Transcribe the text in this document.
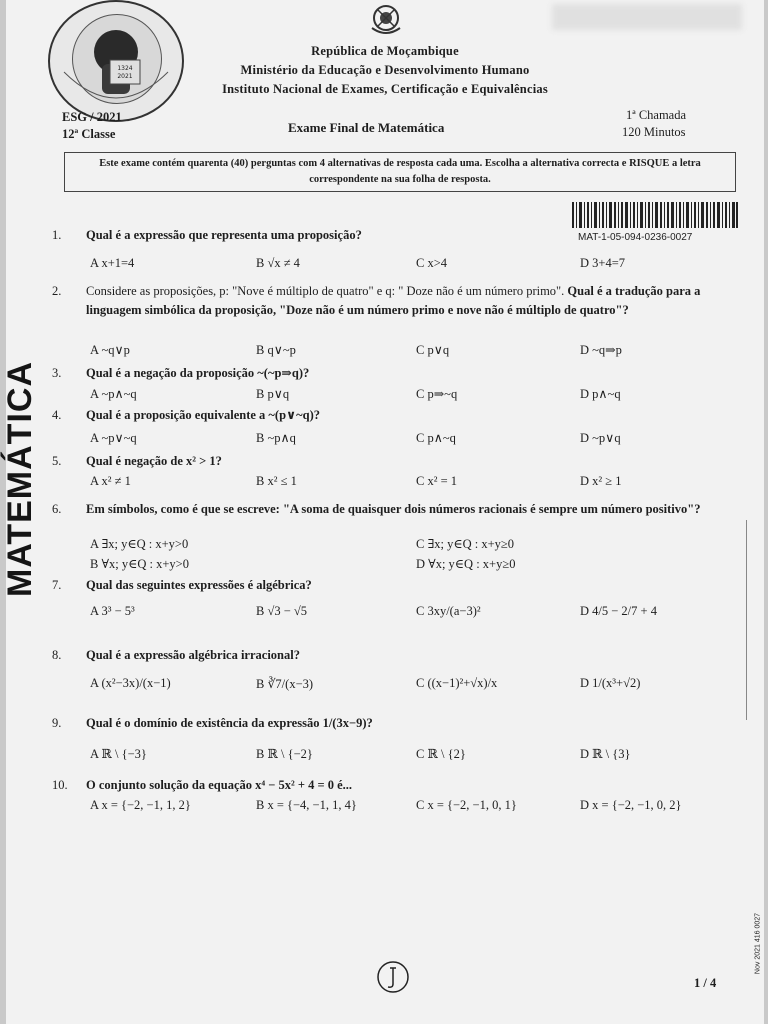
1324
2021
República de Moçambique
Ministério da Educação e Desenvolvimento Humano
Instituto Nacional de Exames, Certificação e Equivalências
ESG / 2021
12ª Classe	Exame Final de Matemática
1ª Chamada
120 Minutos
Este exame contém quarenta (40) perguntas com 4 alternativas de resposta cada uma. Escolha a alternativa correcta e RISQUE a letra correspondente na sua folha de resposta.
MAT-1-05-094-0236-0027
MATEMÁTICA
1. Qual é a expressão que representa uma proposição?
A x+1=4	B √x ≠ 4	C x>4	D 3+4=7
2. Considere as proposições, p: "Nove é múltiplo de quatro" e q: " Doze não é um número primo". Qual é a tradução para a linguagem simbólica da proposição, "Doze não é um número primo e nove não é múltiplo de quatro"?
A ~q∨p	B q∨~p	C p∨q	D ~q⇒p
3. Qual é a negação da proposição ~(~p⇒q)?
A ~p∧~q	B p∨q	C p⇒~q	D p∧~q
4. Qual é a proposição equivalente a ~(p∨~q)?
A ~p∨~q	B ~p∧q	C p∧~q	D ~p∨q
5. Qual é negação de x² > 1?
A x² ≠ 1	B x² ≤ 1	C x² = 1	D x² ≥ 1
6. Em símbolos, como é que se escreve: "A soma de quaisquer dois números racionais é sempre um número positivo"?
A ∃x; y∈Q : x+y>0	C ∃x; y∈Q : x+y≥0
B ∀x; y∈Q : x+y>0	D ∀x; y∈Q : x+y≥0
7. Qual das seguintes expressões é algébrica?
A 3³ − 5³	B √3 − √5	C 3xy/(a−3)²	D 4/5 − 2/7 + 4
8. Qual é a expressão algébrica irracional?
A (x²−3x)/(x−1)	B ∛7/(x−3)	C ((x−1)²+√x)/x	D 1/(x³+√2)
9. Qual é o domínio de existência da expressão 1/(3x−9)?
A ℝ \ {−3}	B ℝ \ {−2}	C ℝ \ {2}	D ℝ \ {3}
10. O conjunto solução da equação x⁴ − 5x² + 4 = 0 é...
A x = {−2, −1, 1, 2}	B x = {−4, −1, 1, 4}	C x = {−2, −1, 0, 1}	D x = {−2, −1, 0, 2}
1 / 4
Nov 2021 416 0027
